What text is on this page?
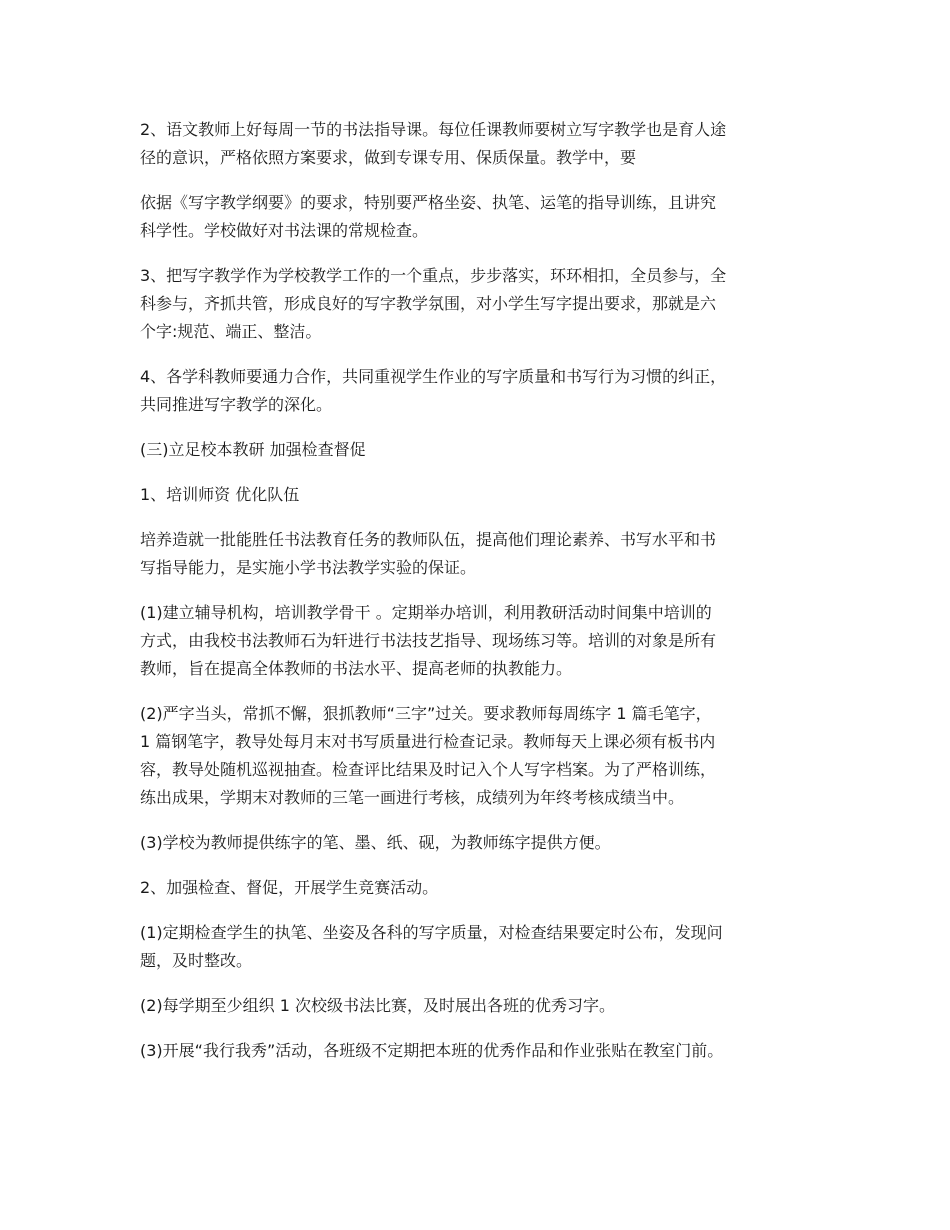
2、语文教师上好每周一节的书法指导课。每位任课教师要树立写字教学也是育人途
径的意识，严格依照方案要求，做到专课专用、保质保量。教学中，要

依据《写字教学纲要》的要求，特别要严格坐姿、执笔、运笔的指导训练，且讲究
科学性。学校做好对书法课的常规检查。

3、把写字教学作为学校教学工作的一个重点，步步落实，环环相扣，全员参与，全
科参与，齐抓共管，形成良好的写字教学氛围，对小学生写字提出要求，那就是六
个字:规范、端正、整洁。

4、各学科教师要通力合作，共同重视学生作业的写字质量和书写行为习惯的纠正，
共同推进写字教学的深化。

(三)立足校本教研 加强检查督促

1、培训师资 优化队伍

培养造就一批能胜任书法教育任务的教师队伍，提高他们理论素养、书写水平和书
写指导能力，是实施小学书法教学实验的保证。

(1)建立辅导机构，培训教学骨干 。定期举办培训，利用教研活动时间集中培训的
方式，由我校书法教师石为轩进行书法技艺指导、现场练习等。培训的对象是所有
教师，旨在提高全体教师的书法水平、提高老师的执教能力。

(2)严字当头，常抓不懈，狠抓教师“三字”过关。要求教师每周练字 1 篇毛笔字，
1 篇钢笔字，教导处每月末对书写质量进行检查记录。教师每天上课必须有板书内
容，教导处随机巡视抽查。检查评比结果及时记入个人写字档案。为了严格训练，
练出成果，学期末对教师的三笔一画进行考核，成绩列为年终考核成绩当中。

(3)学校为教师提供练字的笔、墨、纸、砚，为教师练字提供方便。

2、加强检查、督促，开展学生竞赛活动。

(1)定期检查学生的执笔、坐姿及各科的写字质量，对检查结果要定时公布，发现问
题，及时整改。

(2)每学期至少组织 1 次校级书法比赛，及时展出各班的优秀习字。

(3)开展“我行我秀”活动，各班级不定期把本班的优秀作品和作业张贴在教室门前。
